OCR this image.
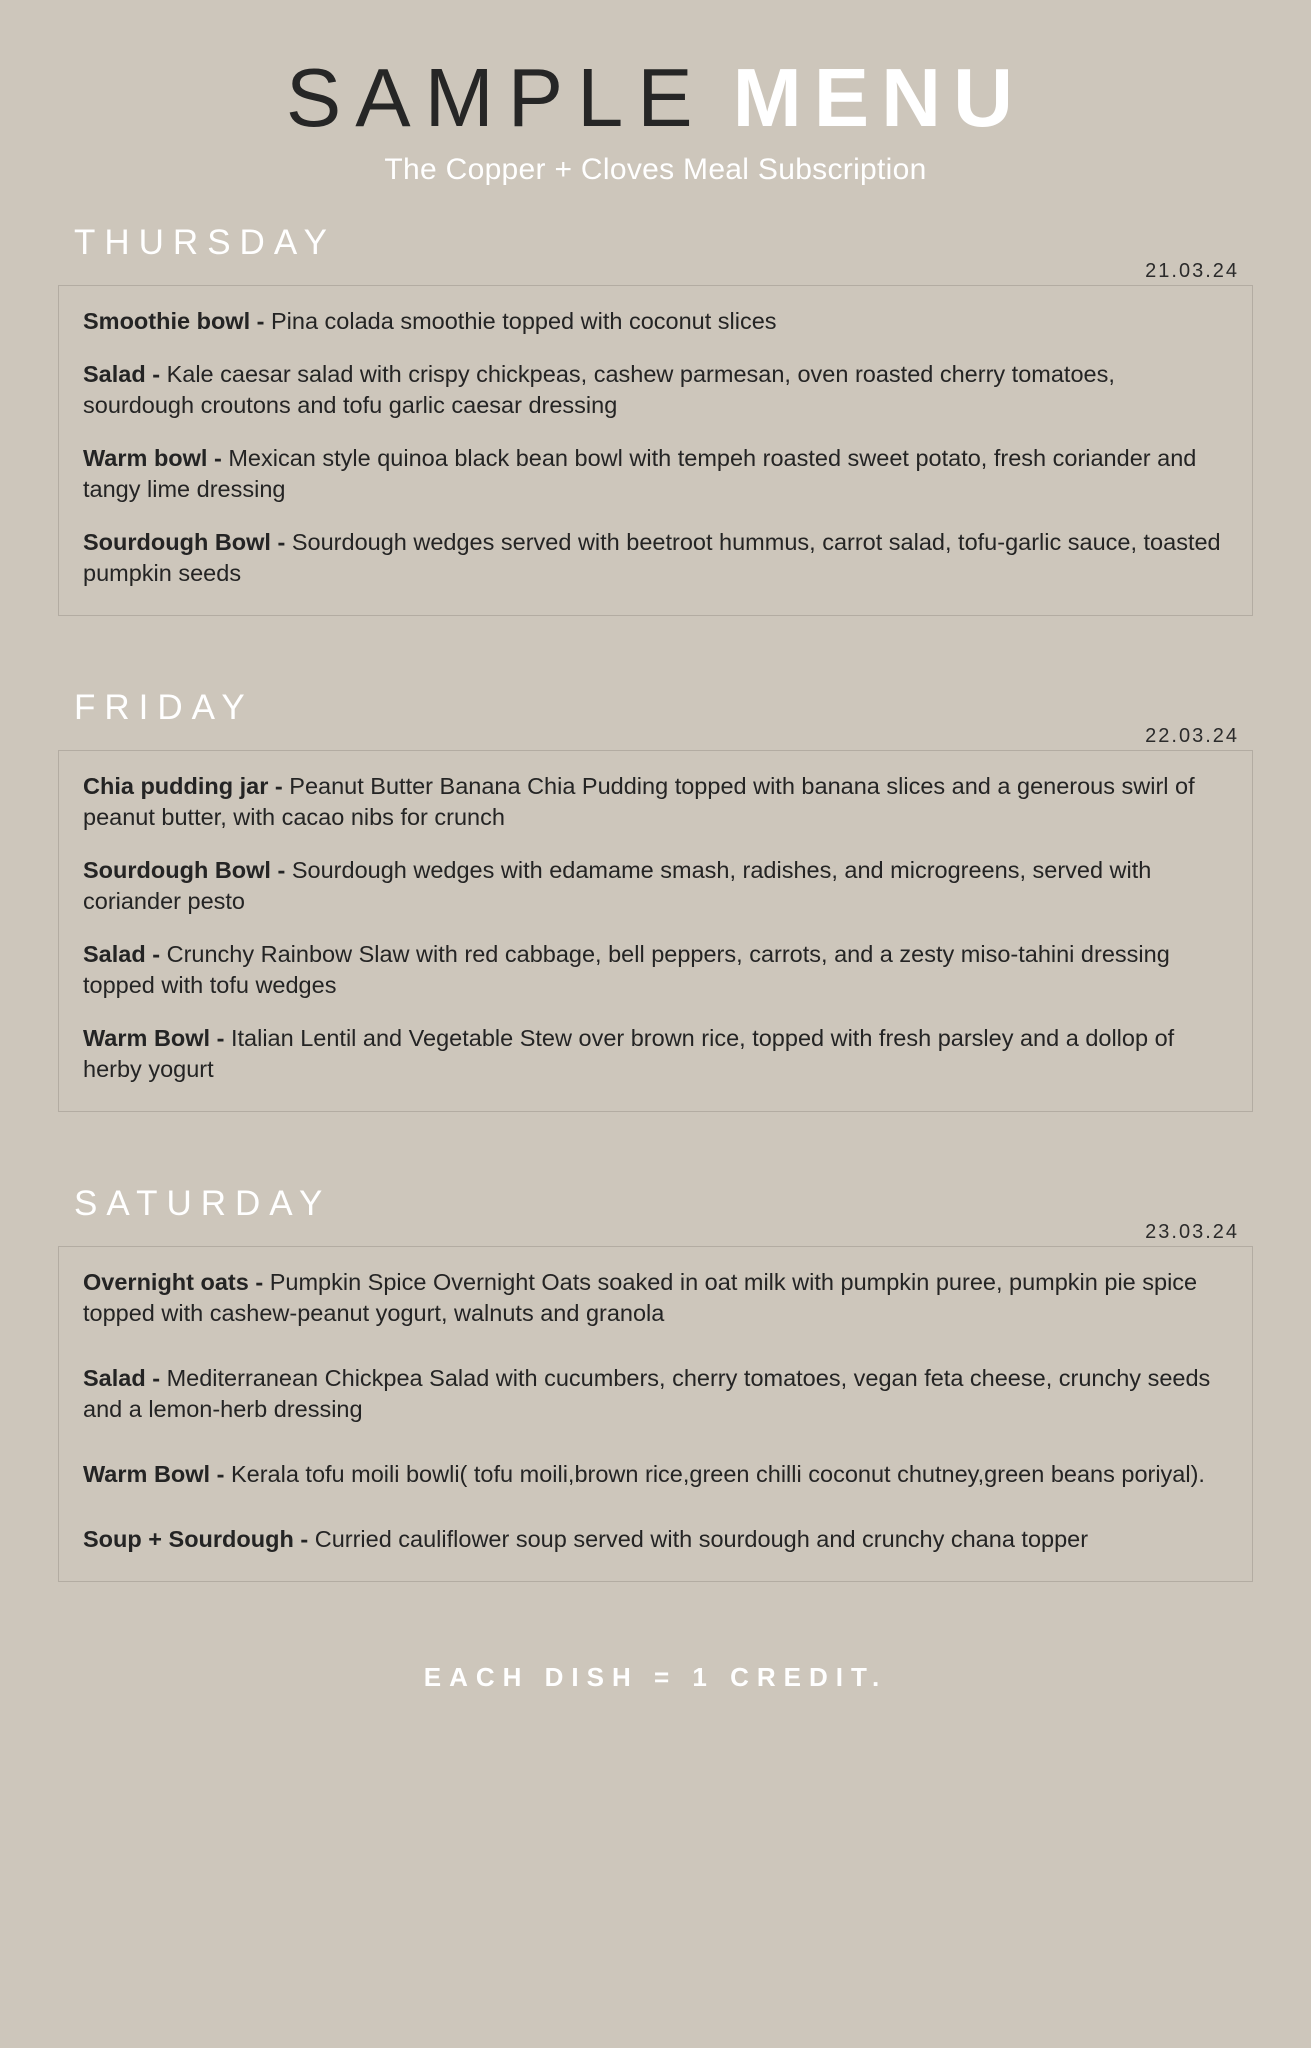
SAMPLE MENU
The Copper + Cloves Meal Subscription
THURSDAY
21.03.24

Smoothie bowl - Pina colada smoothie topped with coconut slices

Salad - Kale caesar salad with crispy chickpeas, cashew parmesan, oven roasted cherry tomatoes, sourdough croutons and tofu garlic caesar dressing

Warm bowl - Mexican style quinoa black bean bowl with tempeh roasted sweet potato, fresh coriander and tangy lime dressing

Sourdough Bowl - Sourdough wedges served with beetroot hummus, carrot salad, tofu-garlic sauce, toasted pumpkin seeds

FRIDAY
22.03.24

Chia pudding jar - Peanut Butter Banana Chia Pudding topped with banana slices and a generous swirl of peanut butter, with cacao nibs for crunch

Sourdough Bowl - Sourdough wedges with edamame smash, radishes, and microgreens, served with coriander pesto

Salad - Crunchy Rainbow Slaw with red cabbage, bell peppers, carrots, and a zesty miso-tahini dressing topped with tofu wedges

Warm Bowl - Italian Lentil and Vegetable Stew over brown rice, topped with fresh parsley and a dollop of herby yogurt

SATURDAY
23.03.24

Overnight oats - Pumpkin Spice Overnight Oats soaked in oat milk with pumpkin puree, pumpkin pie spice topped with cashew-peanut yogurt, walnuts and granola

Salad - Mediterranean Chickpea Salad with cucumbers, cherry tomatoes, vegan feta cheese, crunchy seeds and a lemon-herb dressing

Warm Bowl - Kerala tofu moili bowli( tofu moili,brown rice,green chilli coconut chutney,green beans poriyal).

Soup + Sourdough - Curried cauliflower soup served with sourdough and crunchy chana topper

EACH DISH = 1 CREDIT.
